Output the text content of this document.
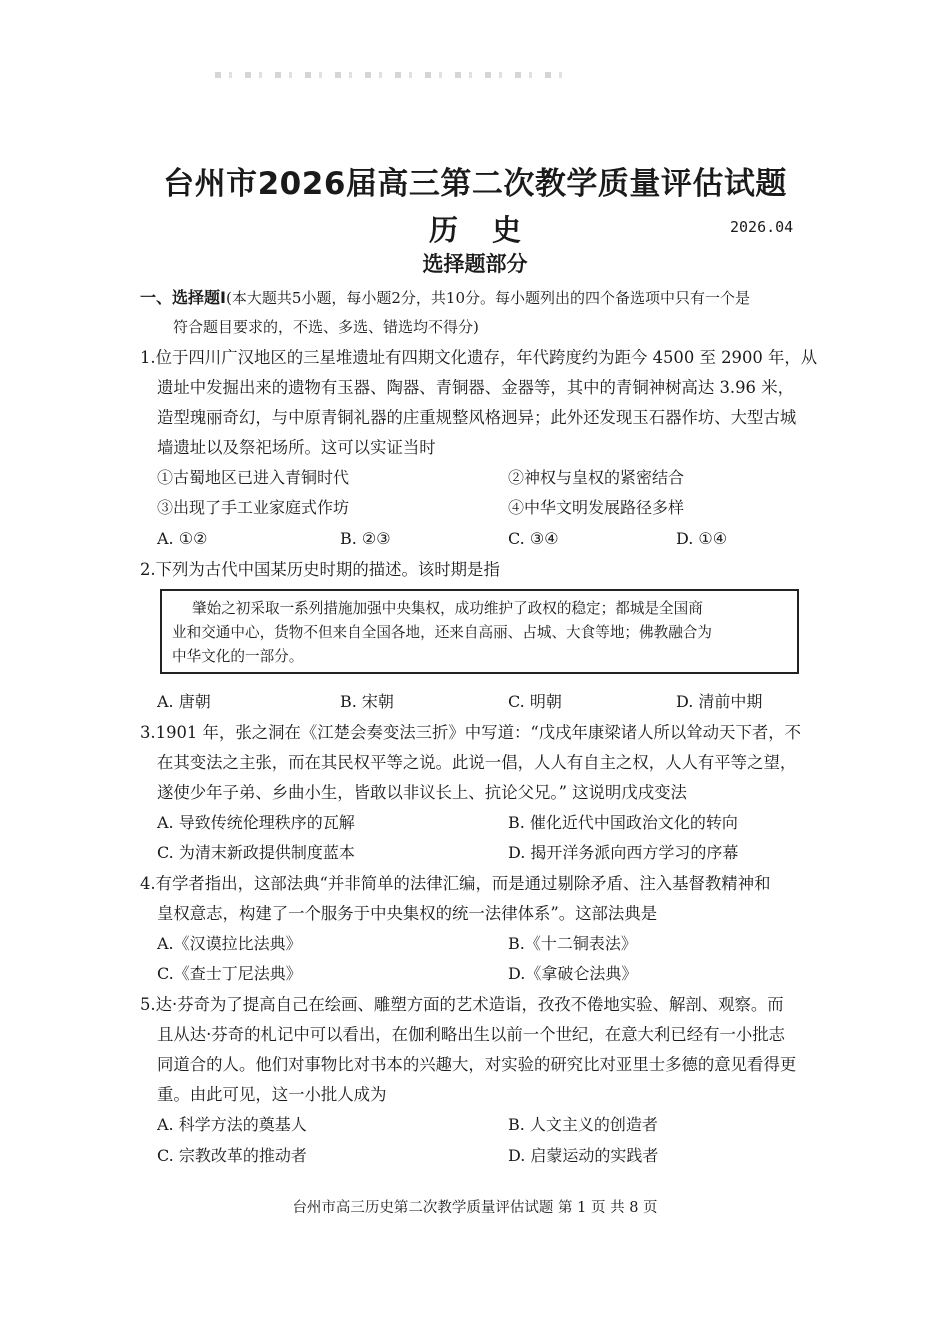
台州市2026届高三第二次教学质量评估试题
历史	2026.04
选择题部分
一、选择题Ⅰ(本大题共5小题，每小题2分，共10分。每小题列出的四个备选项中只有一个是
符合题目要求的，不选、多选、错选均不得分)
1.位于四川广汉地区的三星堆遗址有四期文化遗存，年代跨度约为距今 4500 至 2900 年，从
遗址中发掘出来的遗物有玉器、陶器、青铜器、金器等，其中的青铜神树高达 3.96 米，
造型瑰丽奇幻，与中原青铜礼器的庄重规整风格迥异；此外还发现玉石器作坊、大型古城
墙遗址以及祭祀场所。这可以实证当时
①古蜀地区已进入青铜时代	②神权与皇权的紧密结合
③出现了手工业家庭式作坊	④中华文明发展路径多样
A. ①②	B. ②③	C. ③④	D. ①④
2.下列为古代中国某历史时期的描述。该时期是指
肇始之初采取一系列措施加强中央集权，成功维护了政权的稳定；都城是全国商
业和交通中心，货物不但来自全国各地，还来自高丽、占城、大食等地；佛教融合为
中华文化的一部分。
A. 唐朝	B. 宋朝	C. 明朝	D. 清前中期
3.1901 年，张之洞在《江楚会奏变法三折》中写道：“戊戌年康梁诸人所以耸动天下者，不
在其变法之主张，而在其民权平等之说。此说一倡，人人有自主之权，人人有平等之望，
遂使少年子弟、乡曲小生，皆敢以非议长上、抗论父兄。” 这说明戊戌变法
A. 导致传统伦理秩序的瓦解	B. 催化近代中国政治文化的转向
C. 为清末新政提供制度蓝本	D. 揭开洋务派向西方学习的序幕
4.有学者指出，这部法典“并非简单的法律汇编，而是通过剔除矛盾、注入基督教精神和
皇权意志，构建了一个服务于中央集权的统一法律体系”。这部法典是
A.《汉谟拉比法典》	B.《十二铜表法》
C.《查士丁尼法典》	D.《拿破仑法典》
5.达·芬奇为了提高自己在绘画、雕塑方面的艺术造诣，孜孜不倦地实验、解剖、观察。而
且从达·芬奇的札记中可以看出，在伽利略出生以前一个世纪，在意大利已经有一小批志
同道合的人。他们对事物比对书本的兴趣大，对实验的研究比对亚里士多德的意见看得更
重。由此可见，这一小批人成为
A. 科学方法的奠基人	B. 人文主义的创造者
C. 宗教改革的推动者	D. 启蒙运动的实践者
台州市高三历史第二次教学质量评估试题 第 1 页 共 8 页
